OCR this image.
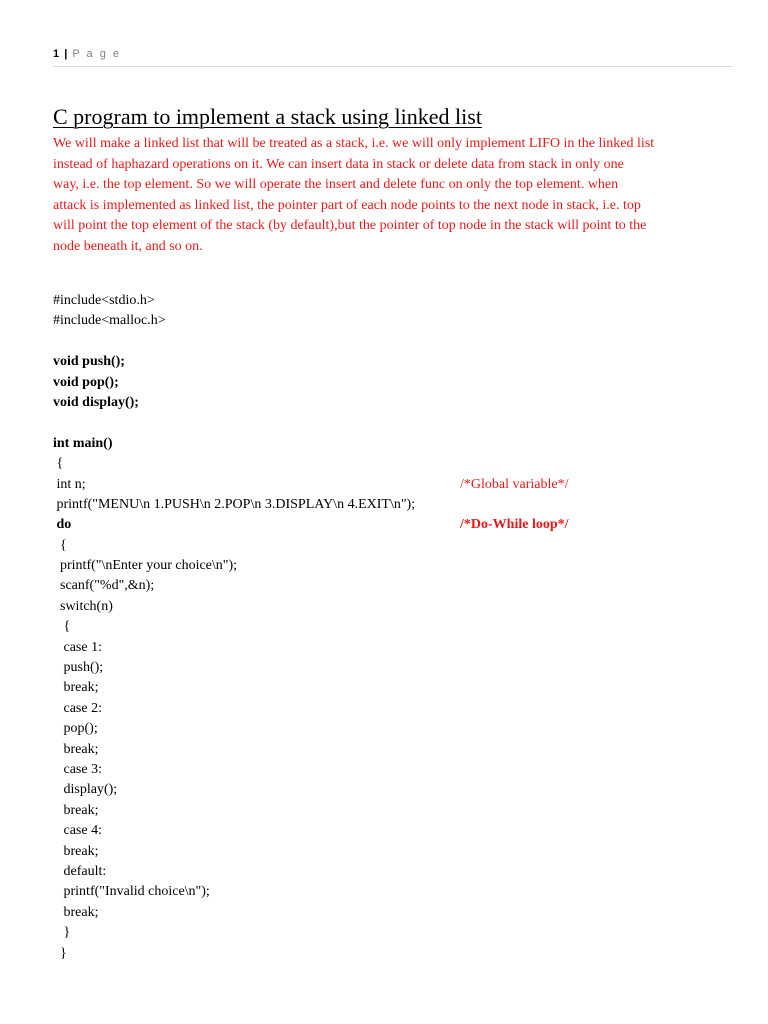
1 | P a g e
C program to implement a stack using linked list

We will make a linked list that will be treated as a stack, i.e. we will only implement LIFO in the linked list
instead of haphazard operations on it. We can insert data in stack or delete data from stack in only one
way, i.e. the top element. So we will operate the insert and delete func on only the top element. when
attack is implemented as linked list, the pointer part of each node points to the next node in stack, i.e. top
will point the top element of the stack (by default),but the pointer of top node in the stack will point to the
node beneath it, and so on.

#include<stdio.h>
#include<malloc.h>
void push();
void pop();
void display();
int main()
{
int n;	/*Global variable*/
printf("MENU\n 1.PUSH\n 2.POP\n 3.DISPLAY\n 4.EXIT\n");
do	/*Do-While loop*/
{
printf("\nEnter your choice\n");
scanf("%d",&n);
switch(n)
{
case 1:
push();
break;
case 2:
pop();
break;
case 3:
display();
break;
case 4:
break;
default:
printf("Invalid choice\n");
break;
}
}
